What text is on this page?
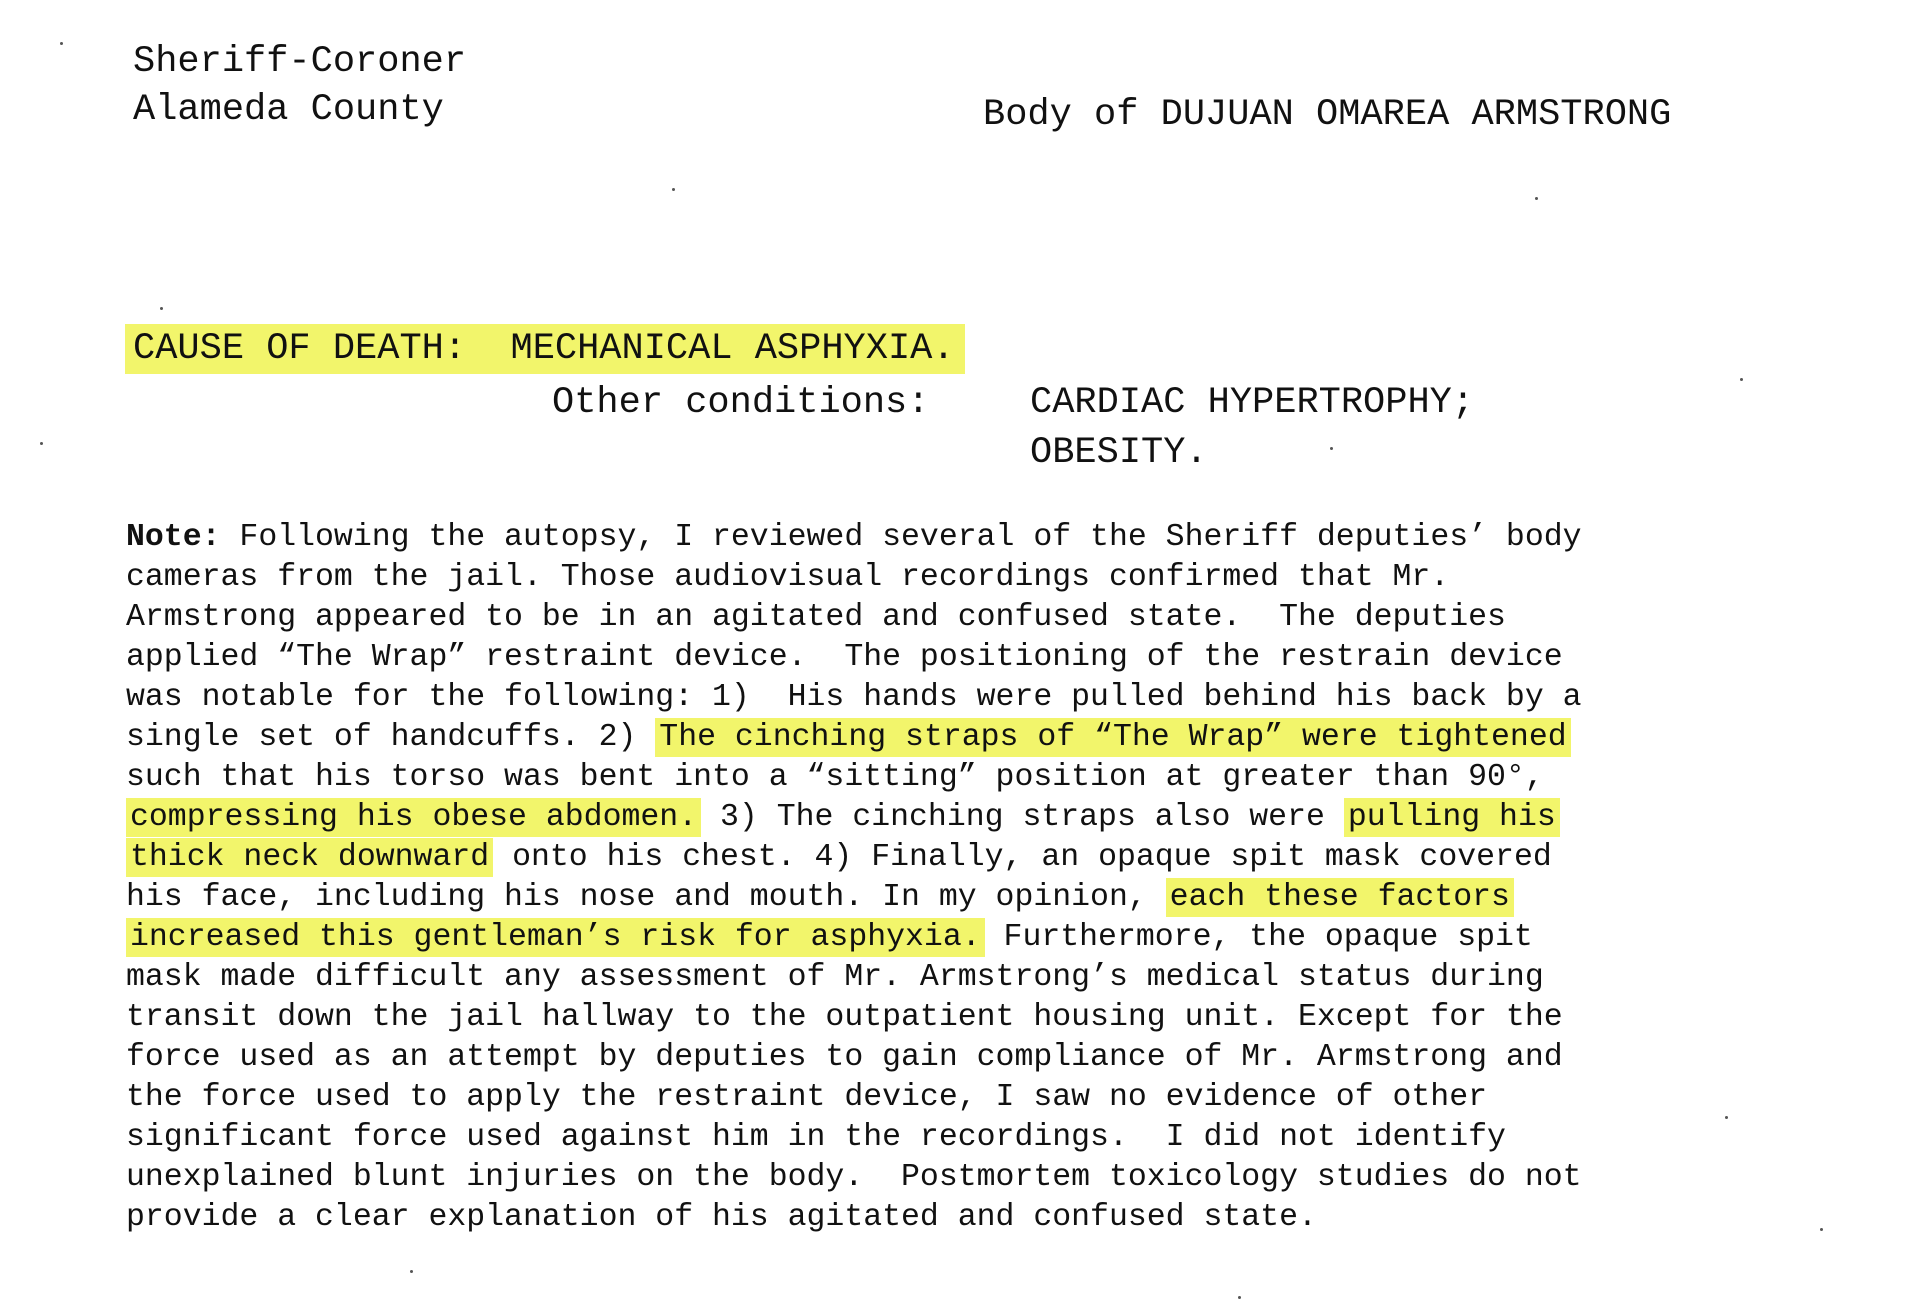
Sheriff-Coroner
Alameda County	Body of DUJUAN OMAREA ARMSTRONG
CAUSE OF DEATH: MECHANICAL ASPHYXIA.
Other conditions:	CARDIAC HYPERTROPHY;
OBESITY.
Note: Following the autopsy, I reviewed several of the Sheriff deputies’ body
cameras from the jail. Those audiovisual recordings confirmed that Mr.
Armstrong appeared to be in an agitated and confused state.  The deputies
applied “The Wrap” restraint device.  The positioning of the restrain device
was notable for the following: 1)  His hands were pulled behind his back by a
single set of handcuffs. 2) The cinching straps of “The Wrap” were tightened
such that his torso was bent into a “sitting” position at greater than 90°,
compressing his obese abdomen. 3) The cinching straps also were pulling his
thick neck downward onto his chest. 4) Finally, an opaque spit mask covered
his face, including his nose and mouth. In my opinion, each these factors
increased this gentleman’s risk for asphyxia. Furthermore, the opaque spit
mask made difficult any assessment of Mr. Armstrong’s medical status during
transit down the jail hallway to the outpatient housing unit. Except for the
force used as an attempt by deputies to gain compliance of Mr. Armstrong and
the force used to apply the restraint device, I saw no evidence of other
significant force used against him in the recordings.  I did not identify
unexplained blunt injuries on the body.  Postmortem toxicology studies do not
provide a clear explanation of his agitated and confused state.
